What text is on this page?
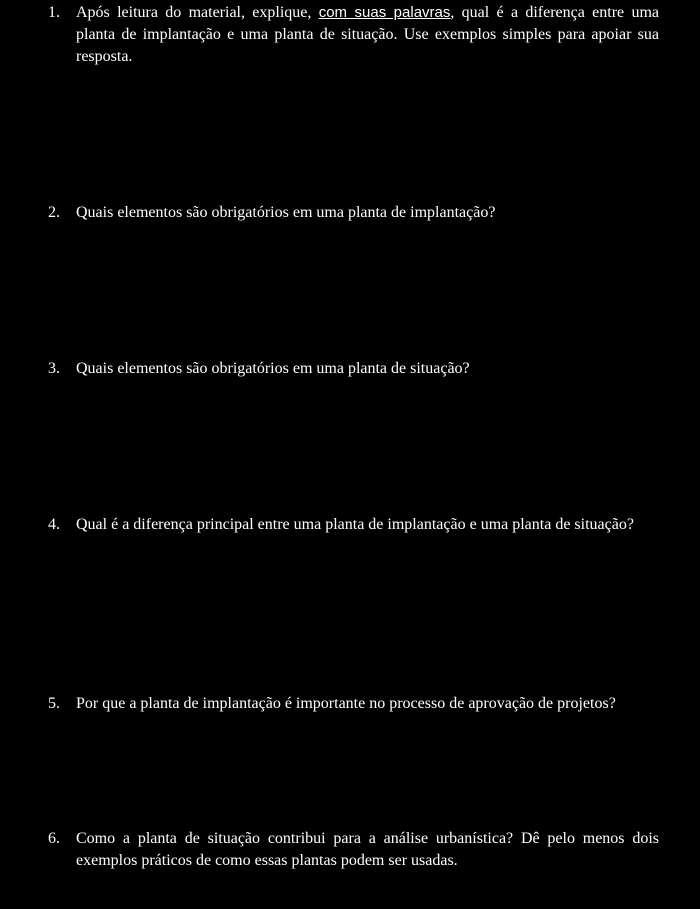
1.	Após leitura do material, explique, com suas palavras, qual é a diferença entre uma planta de implantação e uma planta de situação. Use exemplos simples para apoiar sua resposta.
2.	Quais elementos são obrigatórios em uma planta de implantação?
3.	Quais elementos são obrigatórios em uma planta de situação?
4.	Qual é a diferença principal entre uma planta de implantação e uma planta de situação?
5.	Por que a planta de implantação é importante no processo de aprovação de projetos?
6.	Como a planta de situação contribui para a análise urbanística? Dê pelo menos dois exemplos práticos de como essas plantas podem ser usadas.
